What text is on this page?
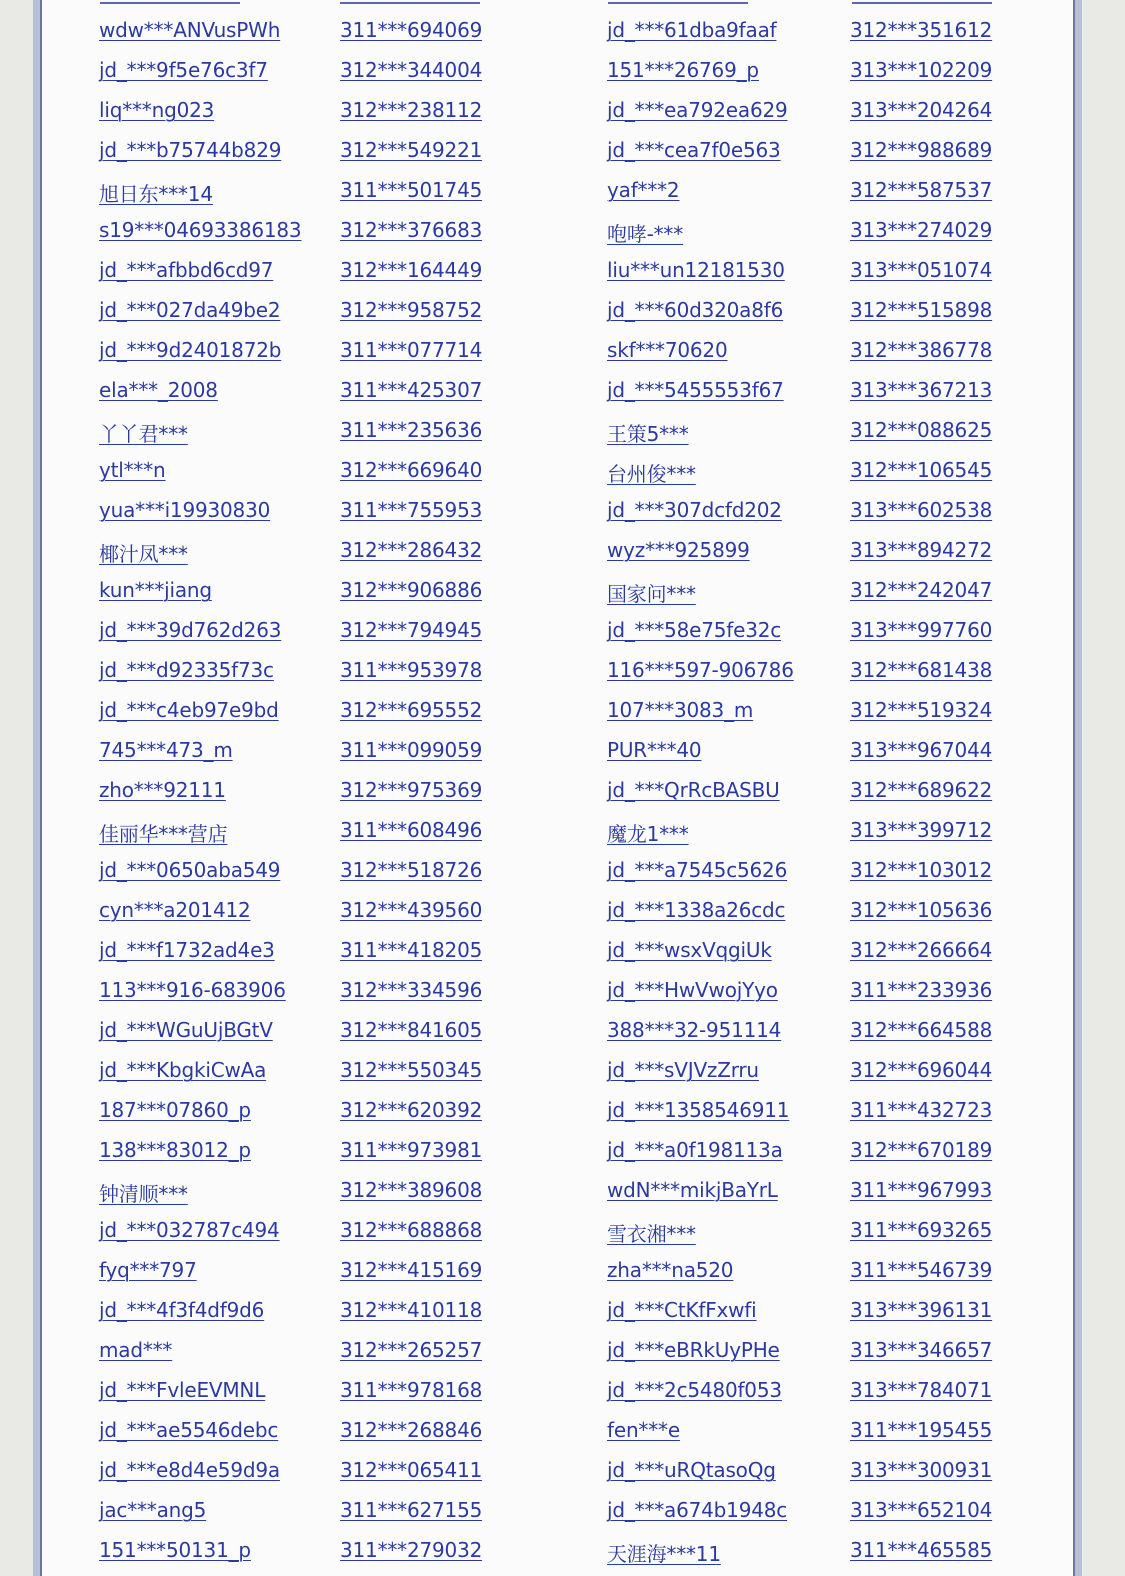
wdw***ANVusPWh	311***694069	jd_***61dba9faaf	312***351612
jd_***9f5e76c3f7	312***344004	151***26769_p	313***102209
liq***ng023	312***238112	jd_***ea792ea629	313***204264
jd_***b75744b829	312***549221	jd_***cea7f0e563	312***988689
旭日东***14	311***501745	yaf***2	312***587537
s19***04693386183 312***376683	咆哮-***	313***274029
jd_***afbbd6cd97	312***164449	liu***un12181530	313***051074
jd_***027da49be2	312***958752	jd_***60d320a8f6	312***515898
jd_***9d2401872b	311***077714	skf***70620	312***386778
ela***_2008	311***425307	jd_***5455553f67	313***367213
丫丫君***	311***235636	王策5***	312***088625
ytl***n	312***669640	台州俊***	312***106545
yua***i19930830	311***755953	jd_***307dcfd202	313***602538
椰汁凤***	312***286432	wyz***925899	313***894272
kun***jiang	312***906886	国家问***	312***242047
jd_***39d762d263	312***794945	jd_***58e75fe32c	313***997760
jd_***d92335f73c	311***953978	116***597-906786	312***681438
jd_***c4eb97e9bd	312***695552	107***3083_m	312***519324
745***473_m	311***099059	PUR***40	313***967044
zho***92111	312***975369	jd_***QrRcBASBU	312***689622
佳丽华***营店	311***608496	魔龙1***	313***399712
jd_***0650aba549	312***518726	jd_***a7545c5626	312***103012
cyn***a201412	312***439560	jd_***1338a26cdc	312***105636
jd_***f1732ad4e3	311***418205	jd_***wsxVqgiUk	312***266664
113***916-683906	312***334596	jd_***HwVwojYyo	311***233936
jd_***WGuUjBGtV	312***841605	388***32-951114	312***664588
jd_***KbgkiCwAa	312***550345	jd_***sVJVzZrru	312***696044
187***07860_p	312***620392	jd_***1358546911	311***432723
138***83012_p	311***973981	jd_***a0f198113a	312***670189
钟清顺***	312***389608	wdN***mikjBaYrL	311***967993
jd_***032787c494	312***688868	雪衣湘***	311***693265
fyq***797	312***415169	zha***na520	311***546739
jd_***4f3f4df9d6	312***410118	jd_***CtKfFxwfi	313***396131
mad***	312***265257	jd_***eBRkUyPHe	313***346657
jd_***FvleEVMNL	311***978168	jd_***2c5480f053	313***784071
jd_***ae5546debc	312***268846	fen***e	311***195455
jd_***e8d4e59d9a	312***065411	jd_***uRQtasoQg	313***300931
jac***ang5	311***627155	jd_***a674b1948c	313***652104
151***50131_p	311***279032	天涯海***11	311***465585
